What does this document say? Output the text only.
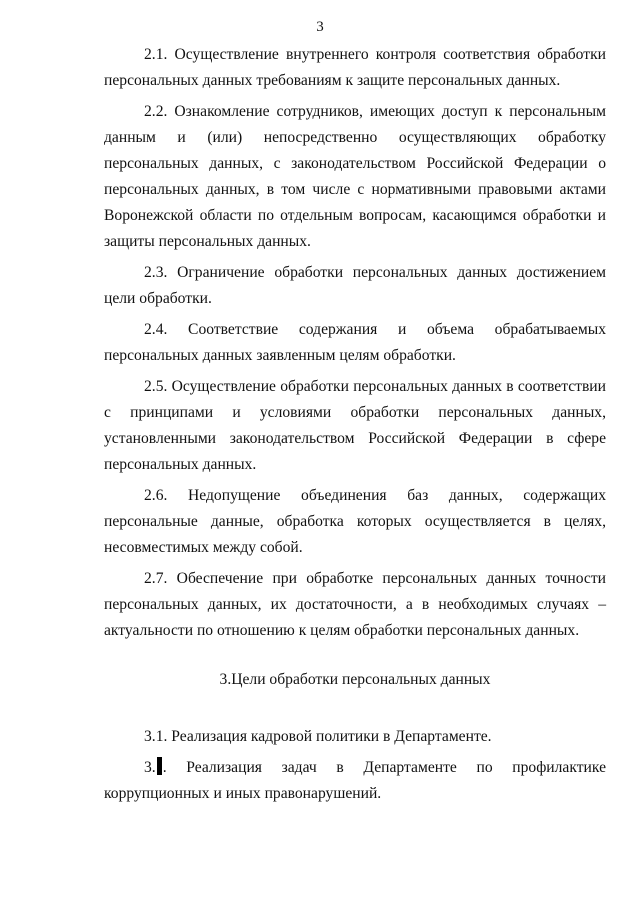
3

2.1. Осуществление внутреннего контроля соответствия обработки персональных данных требованиям к защите персональных данных.

2.2. Ознакомление сотрудников, имеющих доступ к персональным данным и (или) непосредственно осуществляющих обработку персональных данных, с законодательством Российской Федерации о персональных данных, в том числе с нормативными правовыми актами Воронежской области по отдельным вопросам, касающимся обработки и защиты персональных данных.

2.3. Ограничение обработки персональных данных достижением цели обработки.

2.4. Соответствие содержания и объема обрабатываемых персональных данных заявленным целям обработки.

2.5. Осуществление обработки персональных данных в соответствии с принципами и условиями обработки персональных данных, установленными законодательством Российской Федерации в сфере персональных данных.

2.6. Недопущение объединения баз данных, содержащих персональные данные, обработка которых осуществляется в целях, несовместимых между собой.

2.7. Обеспечение при обработке персональных данных точности персональных данных, их достаточности, а в необходимых случаях – актуальности по отношению к целям обработки персональных данных.

3.Цели обработки персональных данных

3.1. Реализация кадровой политики в Департаменте.

3. . Реализация задач в Департаменте по профилактике коррупционных и иных правонарушений.
